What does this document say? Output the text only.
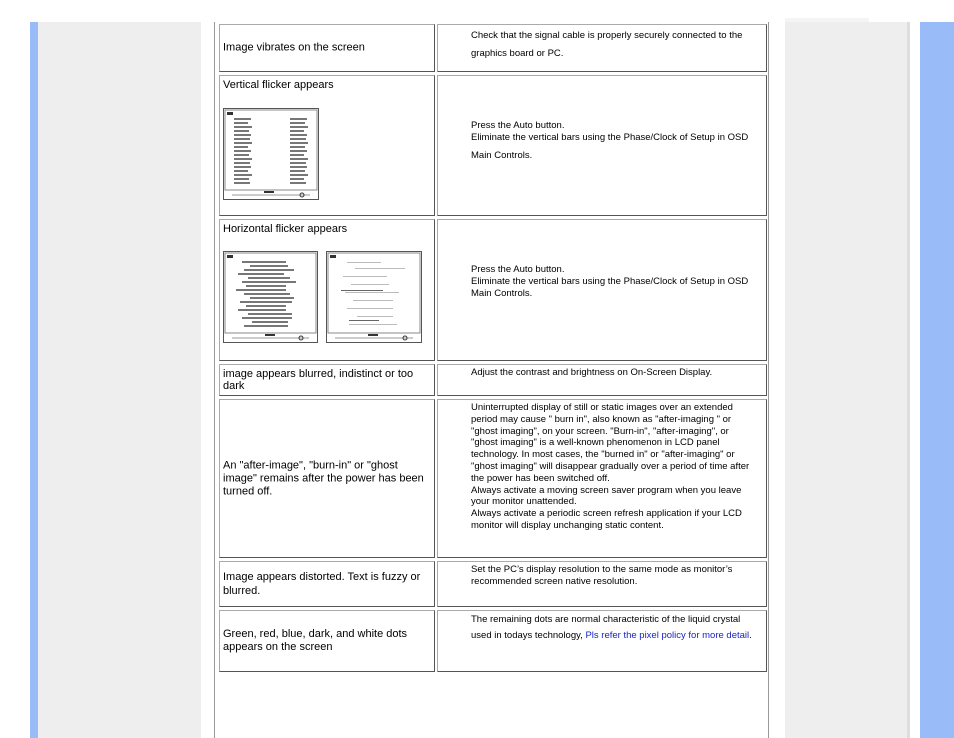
Image vibrates on the screen
Check that the signal cable is properly securely connected to the graphics board or PC.
Vertical flicker appears
Press the Auto button.
Eliminate the vertical bars using the Phase/Clock of Setup in OSD Main Controls.
Horizontal flicker appears
Press the Auto button.
Eliminate the vertical bars using the Phase/Clock of Setup in OSD Main Controls.
image appears blurred, indistinct or too dark
Adjust the contrast and brightness on On-Screen Display.
An "after-image", "burn-in" or "ghost image" remains after the power has been turned off.
Uninterrupted display of still or static images over an extended period may cause " burn in", also known as "after-imaging " or "ghost imaging", on your screen. "Burn-in", "after-imaging", or "ghost imaging" is a well-known phenomenon in LCD panel technology. In most cases, the "burned in" or "after-imaging" or "ghost imaging" will disappear gradually over a period of time after the power has been switched off.
Always activate a moving screen saver program when you leave your monitor unattended.
Always activate a periodic screen refresh application if your LCD monitor will display unchanging static content.
Image appears distorted. Text is fuzzy or blurred.
Set the PC’s display resolution to the same mode as monitor’s recommended screen native resolution.
Green, red, blue, dark, and white dots appears on the screen
The remaining dots are normal characteristic of the liquid crystal used in todays technology, Pls refer the pixel policy for more detail.
